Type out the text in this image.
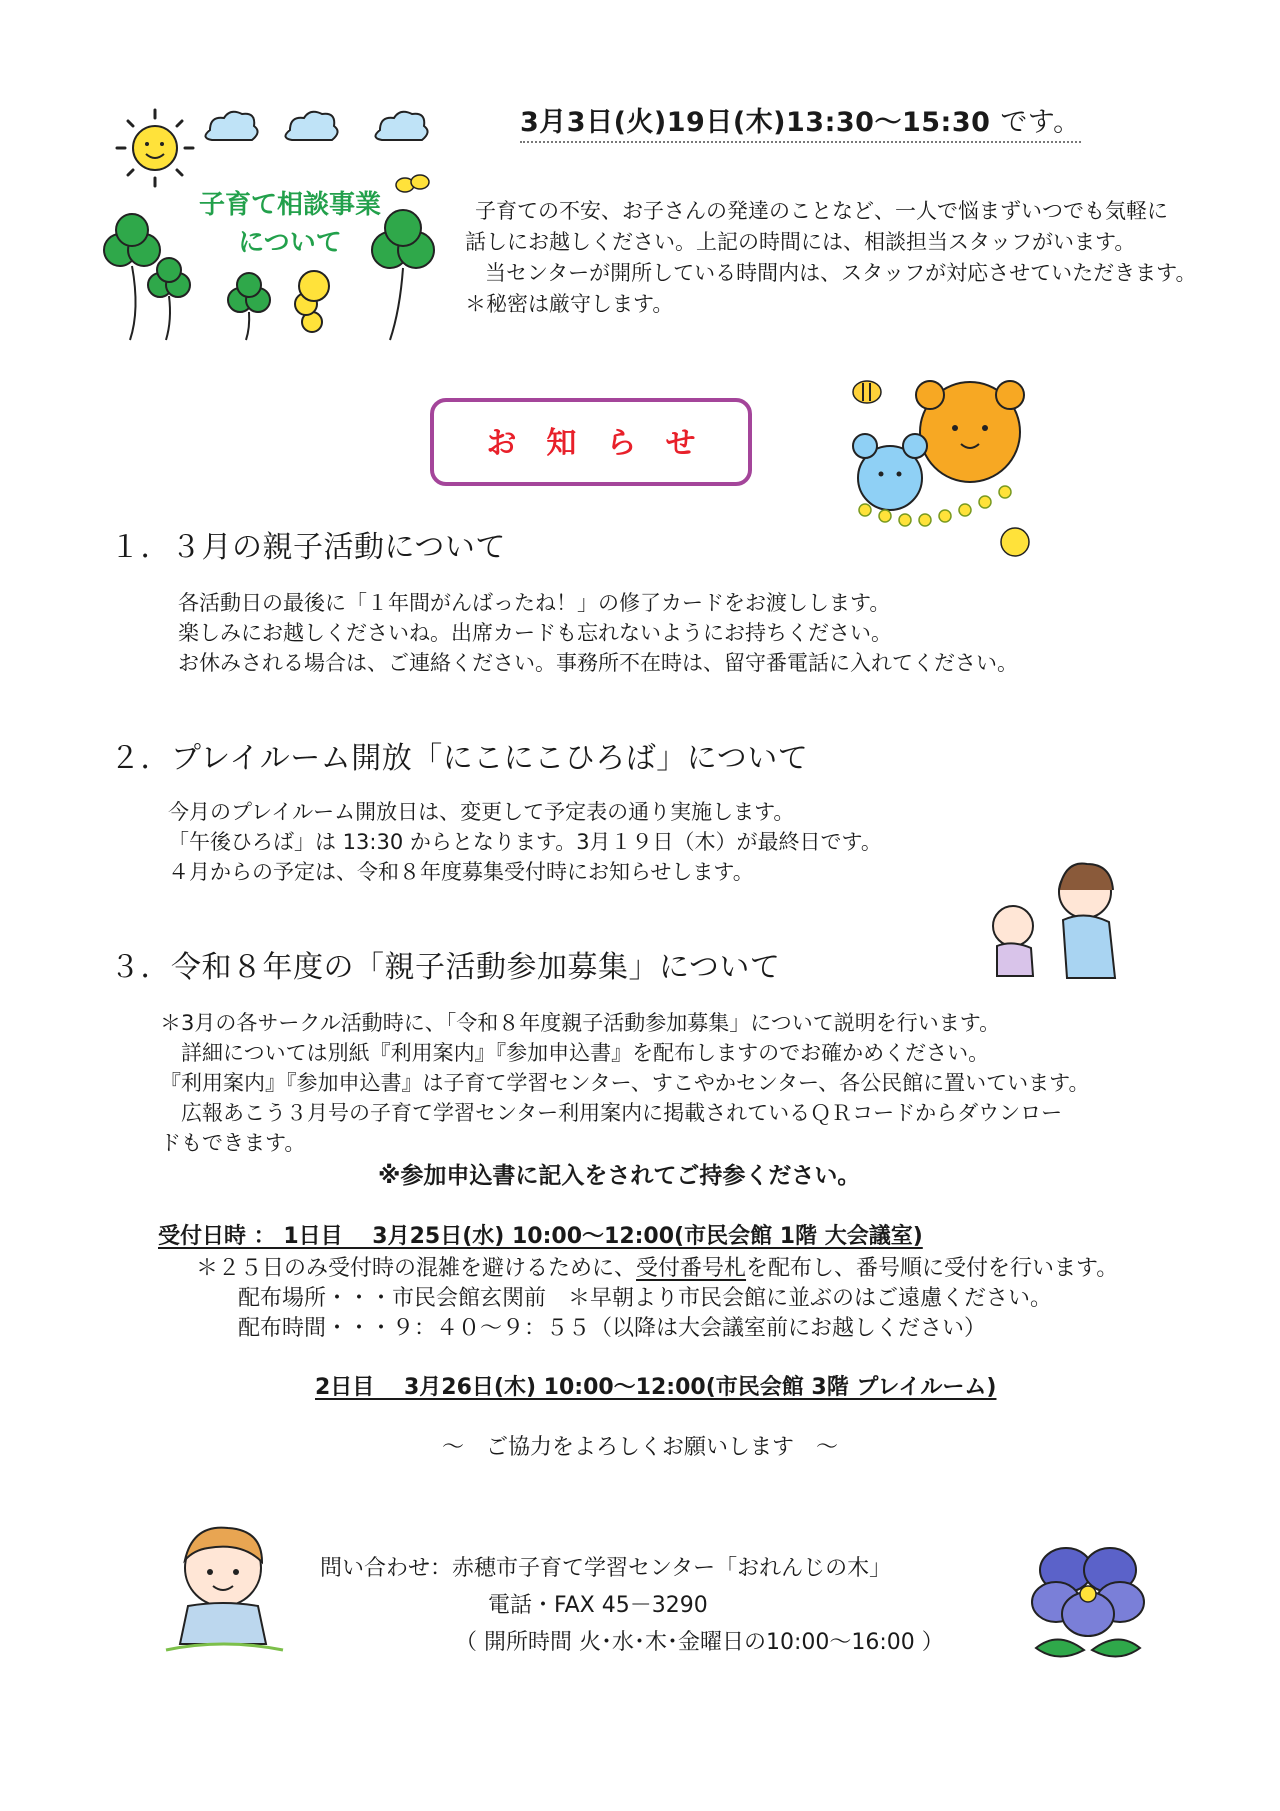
子育て相談事業
について
3月3日(火)19日(木)13:30～15:30 です。

子育ての不安、お子さんの発達のことなど、一人で悩まずいつでも気軽に

話しにお越しください。上記の時間には、相談担当スタッフがいます。

当センターが開所している時間内は、スタッフが対応させていただきます。

＊秘密は厳守します。

お知らせ
１．３月の親子活動について

各活動日の最後に「１年間がんばったね！」の修了カードをお渡しします。

楽しみにお越しくださいね。出席カードも忘れないようにお持ちください。

お休みされる場合は、ご連絡ください。事務所不在時は、留守番電話に入れてください。

２．プレイルーム開放「にこにこひろば」について

今月のプレイルーム開放日は、変更して予定表の通り実施します。

「午後ひろば」は 13:30 からとなります。3月１９日（木）が最終日です。

４月からの予定は、令和８年度募集受付時にお知らせします。

３．令和８年度の「親子活動参加募集」について

＊3月の各サークル活動時に、「令和８年度親子活動参加募集」について説明を行います。

　詳細については別紙『利用案内』『参加申込書』を配布しますのでお確かめください。

『利用案内』『参加申込書』は子育て学習センター、すこやかセンター、各公民館に置いています。

　広報あこう３月号の子育て学習センター利用案内に掲載されているＱＲコードからダウンロー

ドもできます。

※参加申込書に記入をされてご持参ください。
受付日時 ： 1日目　 3月25日(水) 10:00～12:00(市民会館 1階 大会議室)
＊２５日のみ受付時の混雑を避けるために、受付番号札を配布し、番号順に受付を行います。
配布場所・・・市民会館玄関前　＊早朝より市民会館に並ぶのはご遠慮ください。
配布時間・・・９：４０～９：５５（以降は大会議室前にお越しください）
2日目　 3月26日(木) 10:00～12:00(市民会館 3階 プレイルーム)
～　ご協力をよろしくお願いします　～

問い合わせ：赤穂市子育て学習センター「おれんじの木」

電話・FAX 45－3290

（ 開所時間 火･水･木･金曜日の10:00～16:00 ）
